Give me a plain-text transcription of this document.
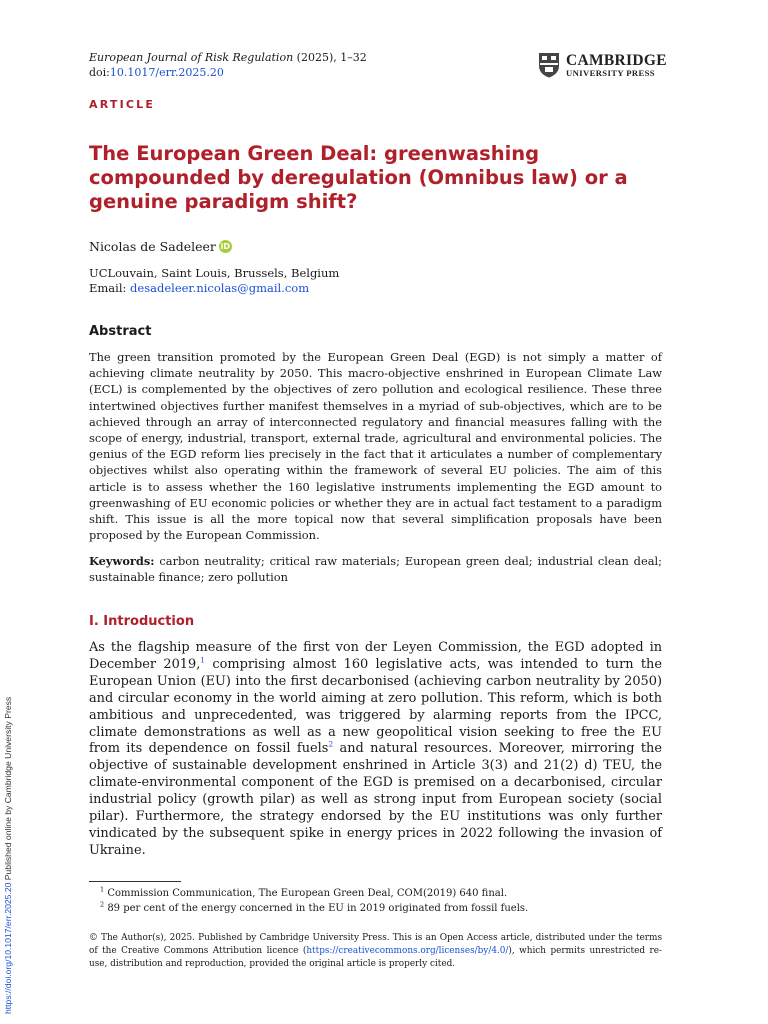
European Journal of Risk Regulation (2025), 1–32
doi:10.1017/err.2025.20
CAMBRIDGE
UNIVERSITY PRESS
ARTICLE
The European Green Deal: greenwashing compounded by deregulation (Omnibus law) or a genuine paradigm shift?
Nicolas de Sadeleer iD
UCLouvain, Saint Louis, Brussels, Belgium
Email: desadeleer.nicolas@gmail.com
Abstract
The green transition promoted by the European Green Deal (EGD) is not simply a matter of achieving climate neutrality by 2050. This macro-objective enshrined in European Climate Law (ECL) is complemented by the objectives of zero pollution and ecological resilience. These three intertwined objectives further manifest themselves in a myriad of sub-objectives, which are to be achieved through an array of interconnected regulatory and financial measures falling with the scope of energy, industrial, transport, external trade, agricultural and environmental policies. The genius of the EGD reform lies precisely in the fact that it articulates a number of complementary objectives whilst also operating within the framework of several EU policies. The aim of this article is to assess whether the 160 legislative instruments implementing the EGD amount to greenwashing of EU economic policies or whether they are in actual fact testament to a paradigm shift. This issue is all the more topical now that several simplification proposals have been proposed by the European Commission.
Keywords: carbon neutrality; critical raw materials; European green deal; industrial clean deal; sustainable finance; zero pollution
I. Introduction
As the flagship measure of the first von der Leyen Commission, the EGD adopted in December 2019,$^1$ comprising almost 160 legislative acts, was intended to turn the European Union (EU) into the first decarbonised (achieving carbon neutrality by 2050) and circular economy in the world aiming at zero pollution. This reform, which is both ambitious and unprecedented, was triggered by alarming reports from the IPCC, climate demonstrations as well as a new geopolitical vision seeking to free the EU from its dependence on fossil fuels$^2$ and natural resources. Moreover, mirroring the objective of sustainable development enshrined in Article 3(3) and 21(2) d) TEU, the climate-environmental component of the EGD is premised on a decarbonised, circular industrial policy (growth pilar) as well as strong input from European society (social pilar). Furthermore, the strategy endorsed by the EU institutions was only further vindicated by the subsequent spike in energy prices in 2022 following the invasion of Ukraine.
$^1$ Commission Communication, The European Green Deal, COM(2019) 640 final.
$^2$ 89 per cent of the energy concerned in the EU in 2019 originated from fossil fuels.
© The Author(s), 2025. Published by Cambridge University Press. This is an Open Access article, distributed under the terms of the Creative Commons Attribution licence (https://creativecommons.org/licenses/by/4.0/), which permits unrestricted re-use, distribution and reproduction, provided the original article is properly cited.
https://doi.org/10.1017/err.2025.20 Published online by Cambridge University Press
